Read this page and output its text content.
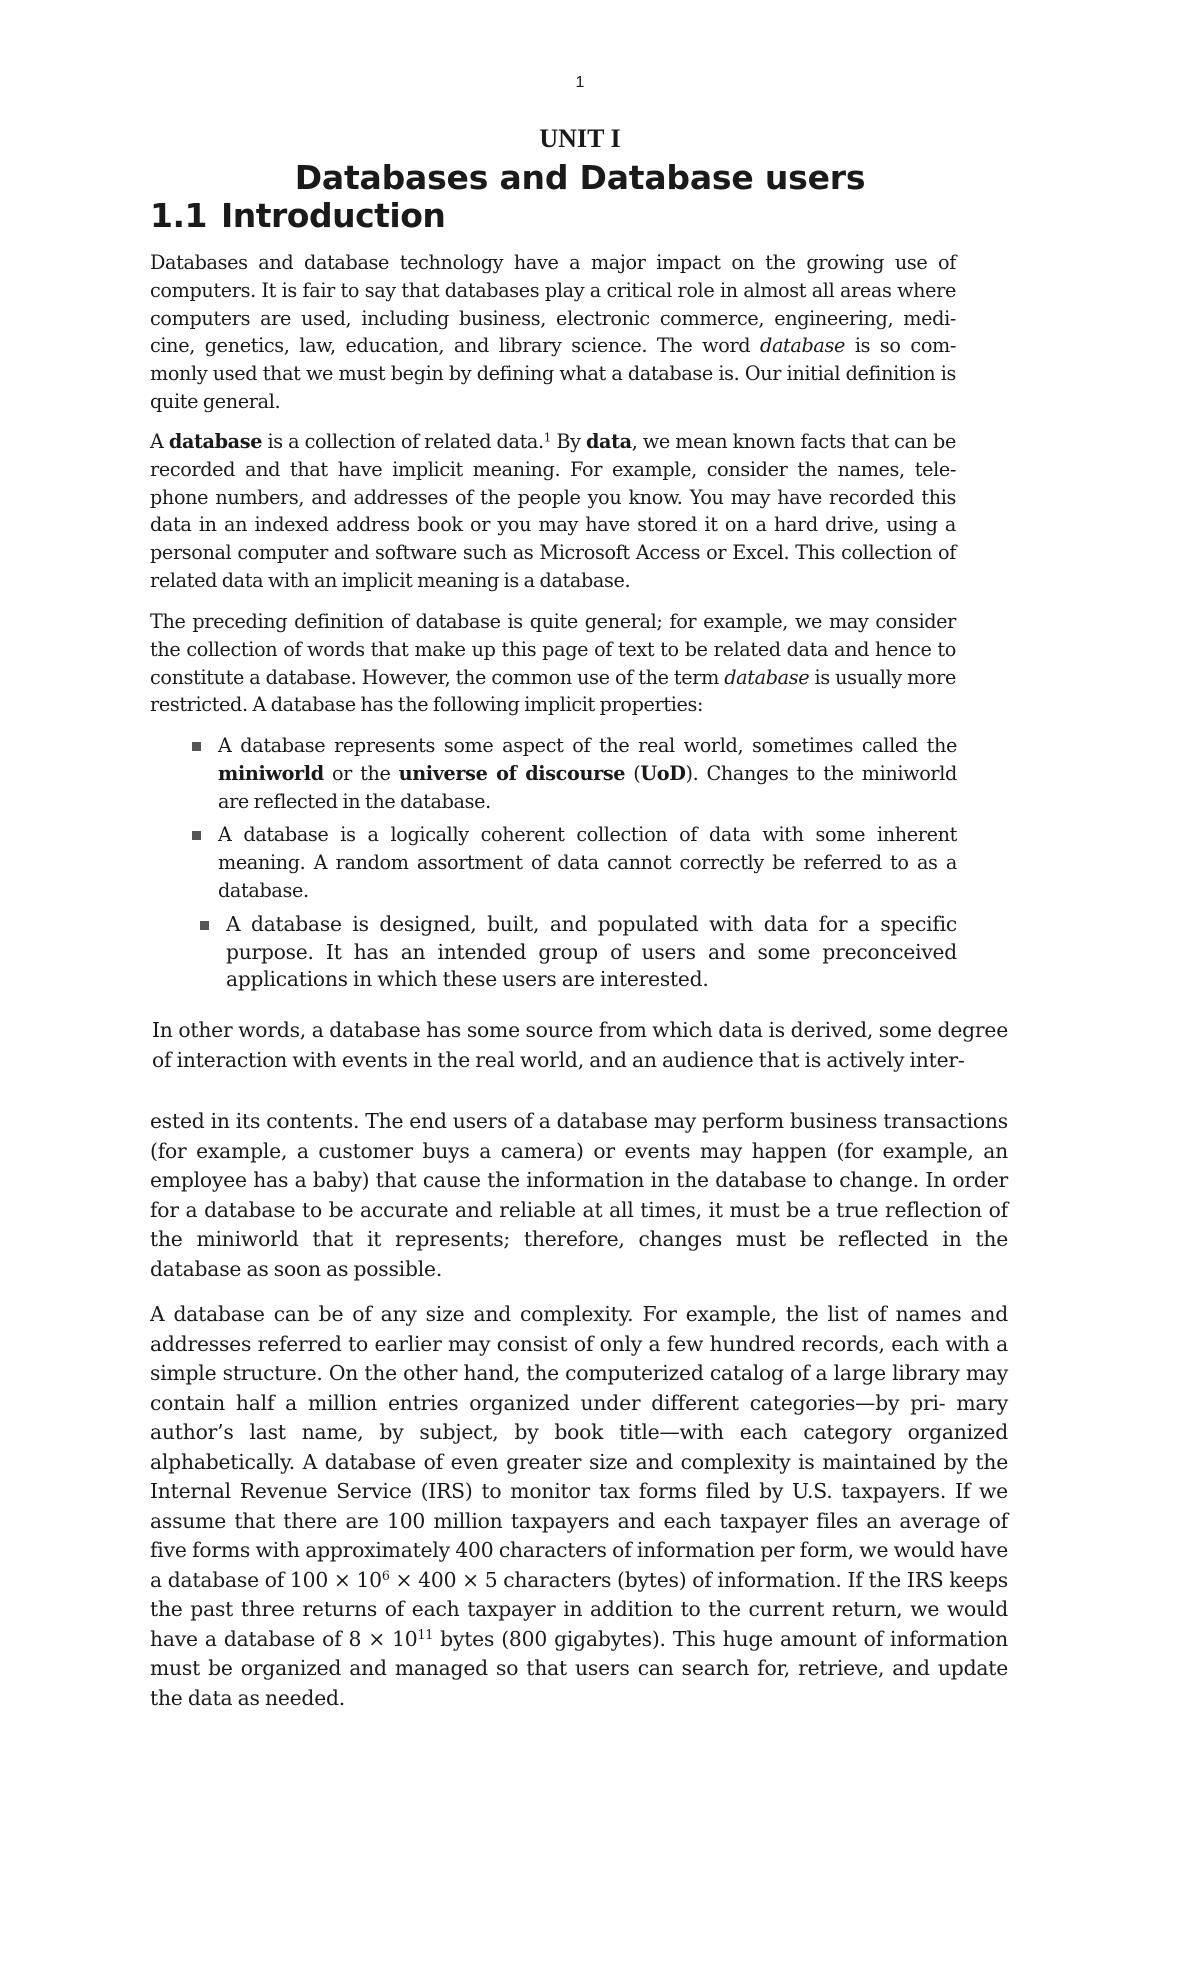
1
UNIT I
Databases and Database users
1.1 Introduction

Databases and database technology have a major impact on the growing use of computers. It is fair to say that databases play a critical role in almost all areas where computers are used, including business, electronic commerce, engineering, medi- cine, genetics, law, education, and library science. The word database is so com- monly used that we must begin by defining what a database is. Our initial definition is quite general.

A database is a collection of related data.$^1$ By data, we mean known facts that can be recorded and that have implicit meaning. For example, consider the names, tele- phone numbers, and addresses of the people you know. You may have recorded this data in an indexed address book or you may have stored it on a hard drive, using a personal computer and software such as Microsoft Access or Excel. This collection of related data with an implicit meaning is a database.

The preceding definition of database is quite general; for example, we may consider the collection of words that make up this page of text to be related data and hence to constitute a database. However, the common use of the term database is usually more restricted. A database has the following implicit properties:

A database represents some aspect of the real world, sometimes called the miniworld or the universe of discourse (UoD). Changes to the miniworld are reflected in the database.
A database is a logically coherent collection of data with some inherent meaning. A random assortment of data cannot correctly be referred to as a database.
A database is designed, built, and populated with data for a specific purpose. It has an intended group of users and some preconceived applications in which these users are interested.

In other words, a database has some source from which data is derived, some degree of interaction with events in the real world, and an audience that is actively inter-

ested in its contents. The end users of a database may perform business transactions (for example, a customer buys a camera) or events may happen (for example, an employee has a baby) that cause the information in the database to change. In order for a database to be accurate and reliable at all times, it must be a true reflection of the miniworld that it represents; therefore, changes must be reflected in the database as soon as possible.

A database can be of any size and complexity. For example, the list of names and addresses referred to earlier may consist of only a few hundred records, each with a simple structure. On the other hand, the computerized catalog of a large library may contain half a million entries organized under different categories—by pri- mary author’s last name, by subject, by book title—with each category organized alphabetically. A database of even greater size and complexity is maintained by the Internal Revenue Service (IRS) to monitor tax forms filed by U.S. taxpayers. If we assume that there are 100 million taxpayers and each taxpayer files an average of five forms with approximately 400 characters of information per form, we would have a database of $100 \times 10^6 \times 400 \times 5$ characters (bytes) of information. If the IRS keeps the past three returns of each taxpayer in addition to the current return, we would have a database of $8 \times 10^{11}$ bytes (800 gigabytes). This huge amount of information must be organized and managed so that users can search for, retrieve, and update the data as needed.
